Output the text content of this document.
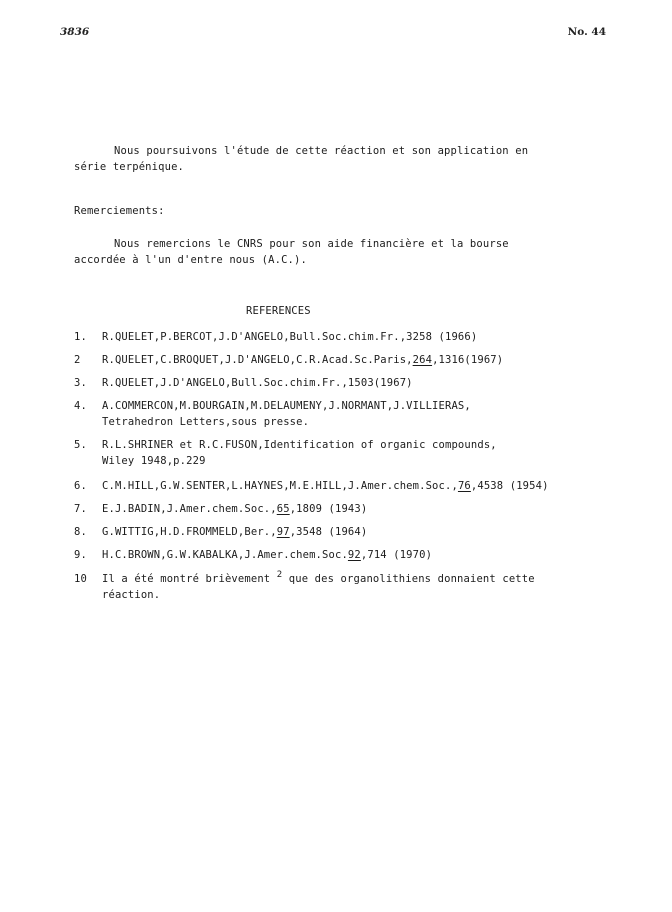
3836	No. 44
Nous poursuivons l'étude de cette réaction et son application en
série terpénique.
Remerciements:
Nous remercions le CNRS pour son aide financière et la bourse
accordée à l'un d'entre nous (A.C.).
REFERENCES
1. R.QUELET,P.BERCOT,J.D'ANGELO,Bull.Soc.chim.Fr.,3258 (1966)
2 R.QUELET,C.BROQUET,J.D'ANGELO,C.R.Acad.Sc.Paris,264,1316(1967)
3. R.QUELET,J.D'ANGELO,Bull.Soc.chim.Fr.,1503(1967)
4. A.COMMERCON,M.BOURGAIN,M.DELAUMENY,J.NORMANT,J.VILLIERAS,
Tetrahedron Letters,sous presse.
5. R.L.SHRINER et R.C.FUSON,Identification of organic compounds,
Wiley 1948,p.229
6. C.M.HILL,G.W.SENTER,L.HAYNES,M.E.HILL,J.Amer.chem.Soc.,76,4538 (1954)
7. E.J.BADIN,J.Amer.chem.Soc.,65,1809 (1943)
8. G.WITTIG,H.D.FROMMELD,Ber.,97,3548 (1964)
9. H.C.BROWN,G.W.KABALKA,J.Amer.chem.Soc.92,714 (1970)
10 Il a été montré brièvement $^2$ que des organolithiens donnaient cette
réaction.
